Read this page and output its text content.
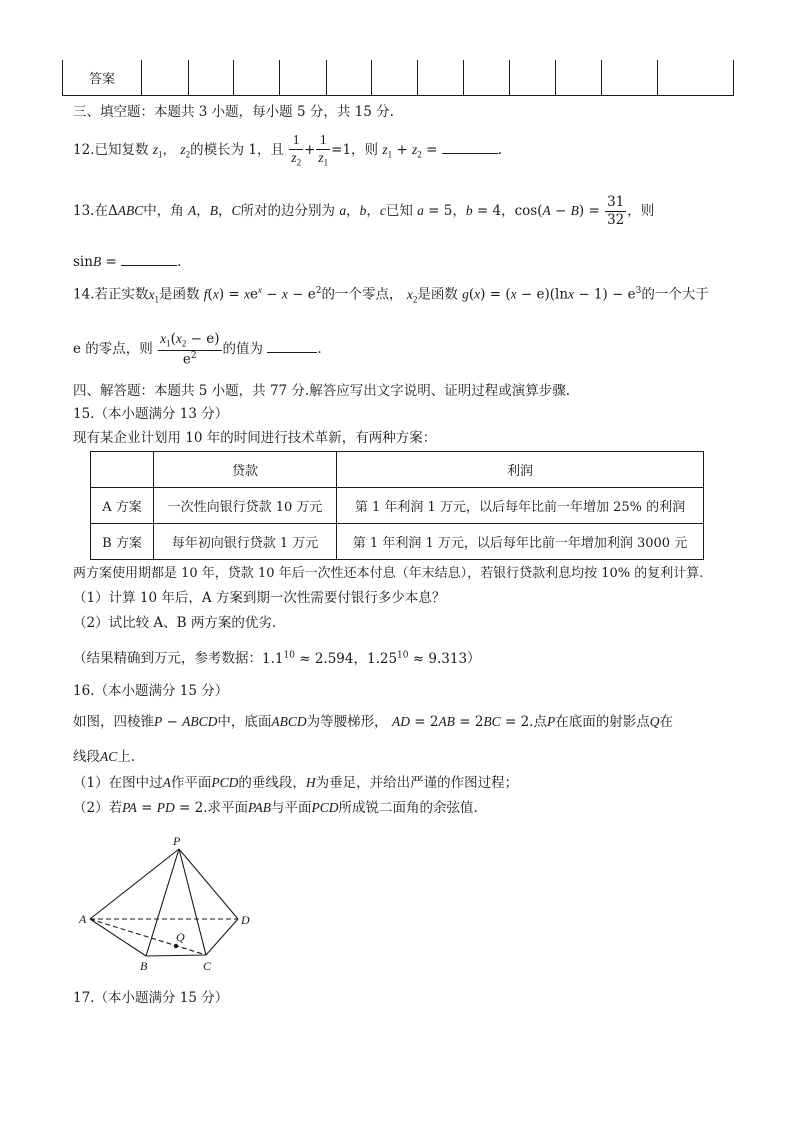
答案												
三、填空题：本题共 3 小题，每小题 5 分，共 15 分.
12.已知复数 $z_1$， $z_2$的模长为 1，且 $\frac{1}{z_2} + \frac{1}{z_1} =1$，则 $z_1 + z_2$ =	.
13.在ΔABC中，角 A，B，C所对的边分别为 a，b，c已知 a = 5，b = 4，$\cos(A - B) = \frac{31}{32}$ ，则
sinB =	.
14.若正实数$x_1$是函数 $f(x) = xe^x - x - e^2$的一个零点， $x_2$是函数 $g(x) = (x - e)(\ln x - 1) - e^3$的一个大于
e 的零点，则 $\frac{x_1(x_2 - e)}{e^2}$ 的值为	.
四、解答题：本题共 5 小题，共 77 分.解答应写出文字说明、证明过程或演算步骤.
15.（本小题满分 13 分）
现有某企业计划用 10 年的时间进行技术革新，有两种方案：
	贷款	利润
A 方案	一次性向银行贷款 10 万元	第 1 年利润 1 万元，以后每年比前一年增加 25% 的利润
B 方案	每年初向银行贷款 1 万元	第 1 年利润 1 万元，以后每年比前一年增加利润 3000 元
两方案使用期都是 10 年，贷款 10 年后一次性还本付息（年末结息），若银行贷款利息均按 10% 的复利计算.
（1）计算 10 年后，A 方案到期一次性需要付银行多少本息？
（2）试比较 A、B 两方案的优劣.
（结果精确到万元，参考数据：$1.1^{10} \approx 2.594$，$1.25^{10} \approx 9.313$）
16.（本小题满分 15 分）
如图，四棱锥P − ABCD中，底面ABCD为等腰梯形， AD = 2AB = 2BC = 2.点P在底面的射影点Q在
线段AC上.
（1）在图中过A作平面PCD的垂线段，H为垂足，并给出严谨的作图过程；
（2）若PA = PD = 2.求平面PAB与平面PCD所成锐二面角的余弦值.
P
A
B	C
D
Q
17.（本小题满分 15 分）
